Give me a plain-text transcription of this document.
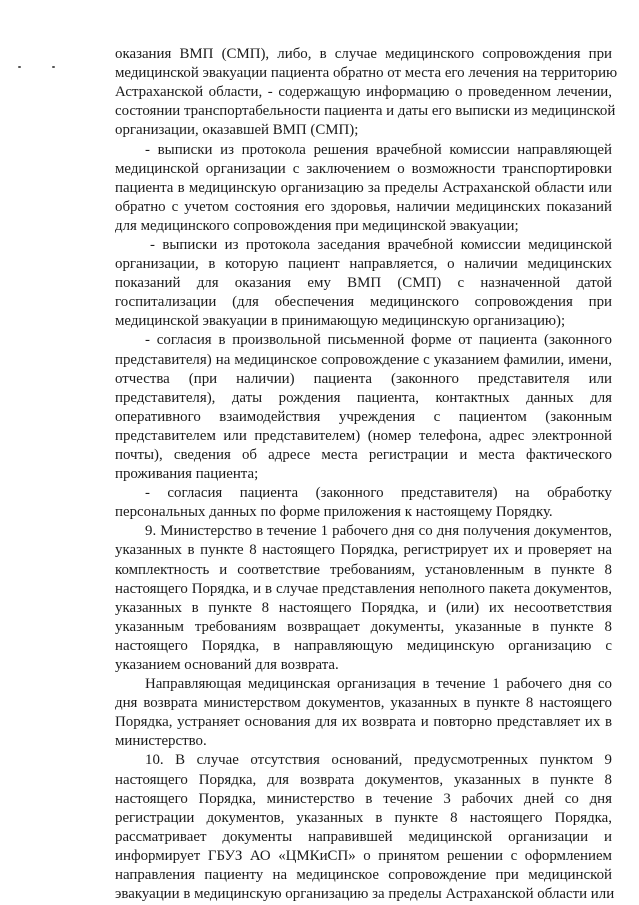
оказания ВМП (СМП), либо, в случае медицинского сопровождения при
медицинской эвакуации пациента обратно от места его лечения на территорию
Астраханской области, - содержащую информацию о проведенном лечении,
состоянии транспортабельности пациента и даты его выписки из медицинской
организации, оказавшей ВМП (СМП);
- выписки из протокола решения врачебной комиссии направляющей
медицинской организации с заключением о возможности транспортировки
пациента в медицинскую организацию за пределы Астраханской области или
обратно с учетом состояния его здоровья, наличии медицинских показаний
для медицинского сопровождения при медицинской эвакуации;
- выписки из протокола заседания врачебной комиссии медицинской
организации, в которую пациент направляется, о наличии медицинских
показаний для оказания ему ВМП (СМП) с назначенной датой
госпитализации (для обеспечения медицинского сопровождения при
медицинской эвакуации в принимающую медицинскую организацию);
- согласия в произвольной письменной форме от пациента (законного
представителя) на медицинское сопровождение с указанием фамилии, имени,
отчества (при наличии) пациента (законного представителя или
представителя), даты рождения пациента, контактных данных для
оперативного взаимодействия учреждения с пациентом (законным
представителем или представителем) (номер телефона, адрес электронной
почты), сведения об адресе места регистрации и места фактического
проживания пациента;
- согласия пациента (законного представителя) на обработку
персональных данных по форме приложения к настоящему Порядку.
9. Министерство в течение 1 рабочего дня со дня получения документов,
указанных в пункте 8 настоящего Порядка, регистрирует их и проверяет на
комплектность и соответствие требованиям, установленным в пункте 8
настоящего Порядка, и в случае представления неполного пакета документов,
указанных в пункте 8 настоящего Порядка, и (или) их несоответствия
указанным требованиям возвращает документы, указанные в пункте 8
настоящего Порядка, в направляющую медицинскую организацию с
указанием оснований для возврата.
Направляющая медицинская организация в течение 1 рабочего дня со
дня возврата министерством документов, указанных в пункте 8 настоящего
Порядка, устраняет основания для их возврата и повторно представляет их в
министерство.
10. В случае отсутствия оснований, предусмотренных пунктом 9
настоящего Порядка, для возврата документов, указанных в пункте 8
настоящего Порядка, министерство в течение 3 рабочих дней со дня
регистрации документов, указанных в пункте 8 настоящего Порядка,
рассматривает документы направившей медицинской организации и
информирует ГБУЗ АО «ЦМКиСП» о принятом решении с оформлением
направления пациенту на медицинское сопровождение при медицинской
эвакуации в медицинскую организацию за пределы Астраханской области или
